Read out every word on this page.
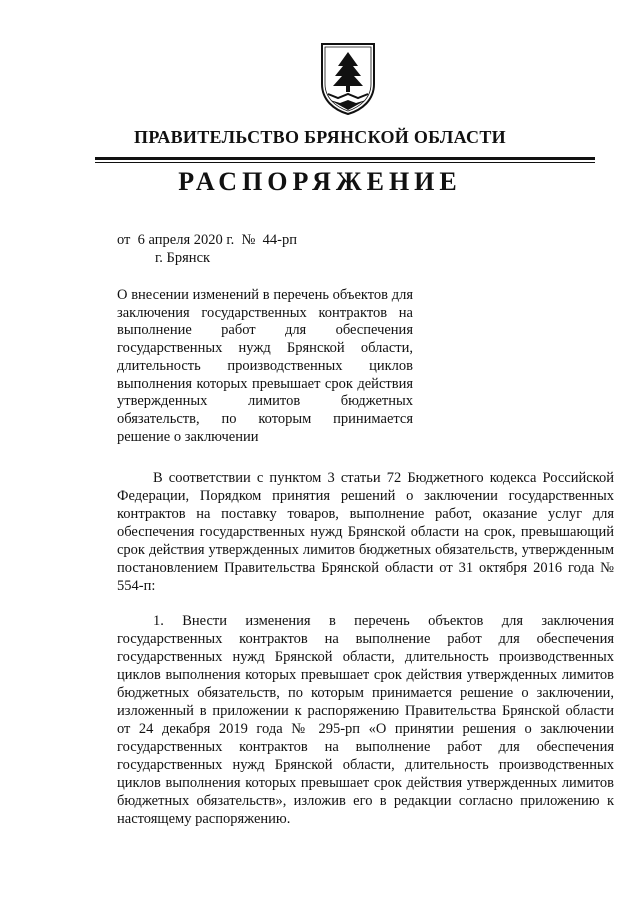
ПРАВИТЕЛЬСТВО БРЯНСКОЙ ОБЛАСТИ
РАСПОРЯЖЕНИЕ
от  6 апреля 2020 г.  №  44-рп
г. Брянск
О внесении изменений в перечень объектов для заключения государственных контрактов на выполнение работ для обеспечения государственных нужд Брянской области, длительность производственных циклов выполнения которых превышает срок действия утвержденных лимитов бюджетных обязательств, по которым принимается решение о заключении

В соответствии с пунктом 3 статьи 72 Бюджетного кодекса Российской Федерации, Порядком принятия решений о заключении государственных контрактов на поставку товаров, выполнение работ, оказание услуг для обеспечения государственных нужд Брянской области на срок, превышающий срок действия утвержденных лимитов бюджетных обязательств, утвержденным постановлением Правительства Брянской области от 31 октября 2016 года № 554-п:

1. Внести изменения в перечень объектов для заключения государственных контрактов на выполнение работ для обеспечения государственных нужд Брянской области, длительность производственных циклов выполнения которых превышает срок действия утвержденных лимитов бюджетных обязательств, по которым принимается решение о заключении, изложенный в приложении к распоряжению Правительства Брянской области от 24 декабря 2019 года № 295-рп «О принятии решения о заключении государственных контрактов на выполнение работ для обеспечения государственных нужд Брянской области, длительность производственных циклов выполнения которых превышает срок действия утвержденных лимитов бюджетных обязательств», изложив его в редакции согласно приложению к настоящему распоряжению.
